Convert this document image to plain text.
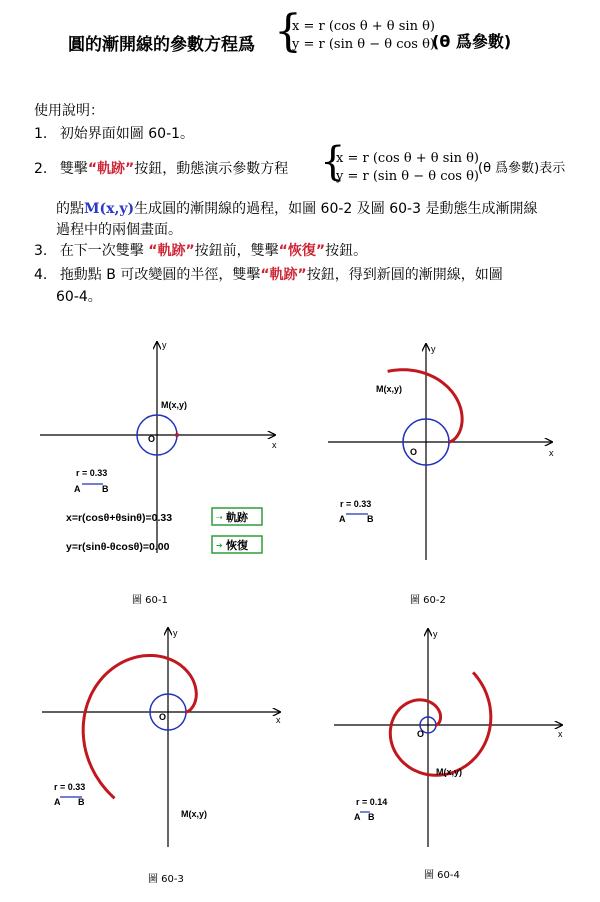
圓的漸開線的參數方程爲 {
x = r (cos θ + θ sin θ)
y = r (sin θ − θ cos θ)
(θ 爲參數)
使用說明：
1. 初始界面如圖 60-1。
2. 雙擊“軌跡”按鈕，動態演示參數方程 {
x = r (cos θ + θ sin θ)
y = r (sin θ − θ cos θ)
(θ 爲參數)表示
的點M(x,y)生成圓的漸開線的過程，如圖 60-2 及圖 60-3 是動態生成漸開線
過程中的兩個畫面。
3. 在下一次雙擊 “軌跡”按鈕前，雙擊“恢復”按鈕。
4. 拖動點 B 可改變圓的半徑，雙擊“軌跡”按鈕，得到新圓的漸開線，如圖
60-4。
x
y
O
M(x,y)
r = 0.33
A B
x=r(cosθ+θsinθ)=0.33
y=r(sinθ-θcosθ)=0.00
⇢ 軌跡
➔ 恢復
圖 60-1
x
y
O
M(x,y)
r = 0.33
A B
圖 60-2
x
y
O
M(x,y)
r = 0.33
A B
圖 60-3
x
y
O
M(x,y)
r = 0.14
A B
圖 60-4
